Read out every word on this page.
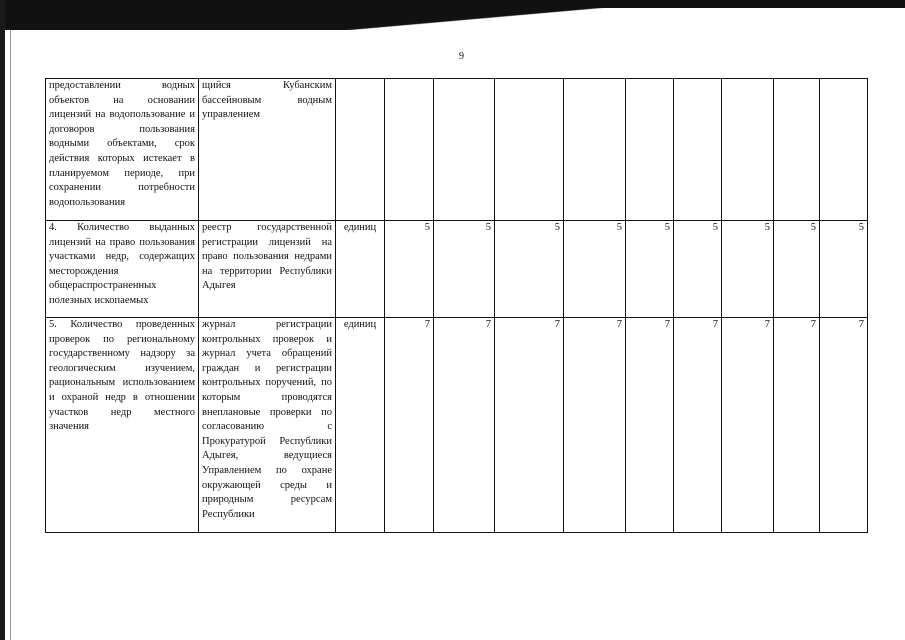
9
предоставлении водных объектов на основании лицензий на водопользование и договоров пользования водными объектами, срок действия которых истекает в планируемом периоде, при сохранении потребности водопользования	щийся Кубанским бассейновым водным управлением										
4. Количество выданных лицензий на право пользования участками недр, содержащих месторождения общераспространенных полезных ископаемых	реестр государственной регистрации лицензий на право пользования недрами на территории Республики Адыгея	единиц	5	5	5	5	5	5	5	5	5
5. Количество проведенных проверок по региональному государственному надзору за геологическим изучением, рациональным использованием и охраной недр в отношении участков недр местного значения	журнал регистрации контрольных проверок и журнал учета обращений граждан и регистрации контрольных поручений, по которым проводятся внеплановые проверки по согласованию с Прокуратурой Республики Адыгея, ведущиеся Управлением по охране окружающей среды и природным ресурсам Республики	единиц	7	7	7	7	7	7	7	7	7
